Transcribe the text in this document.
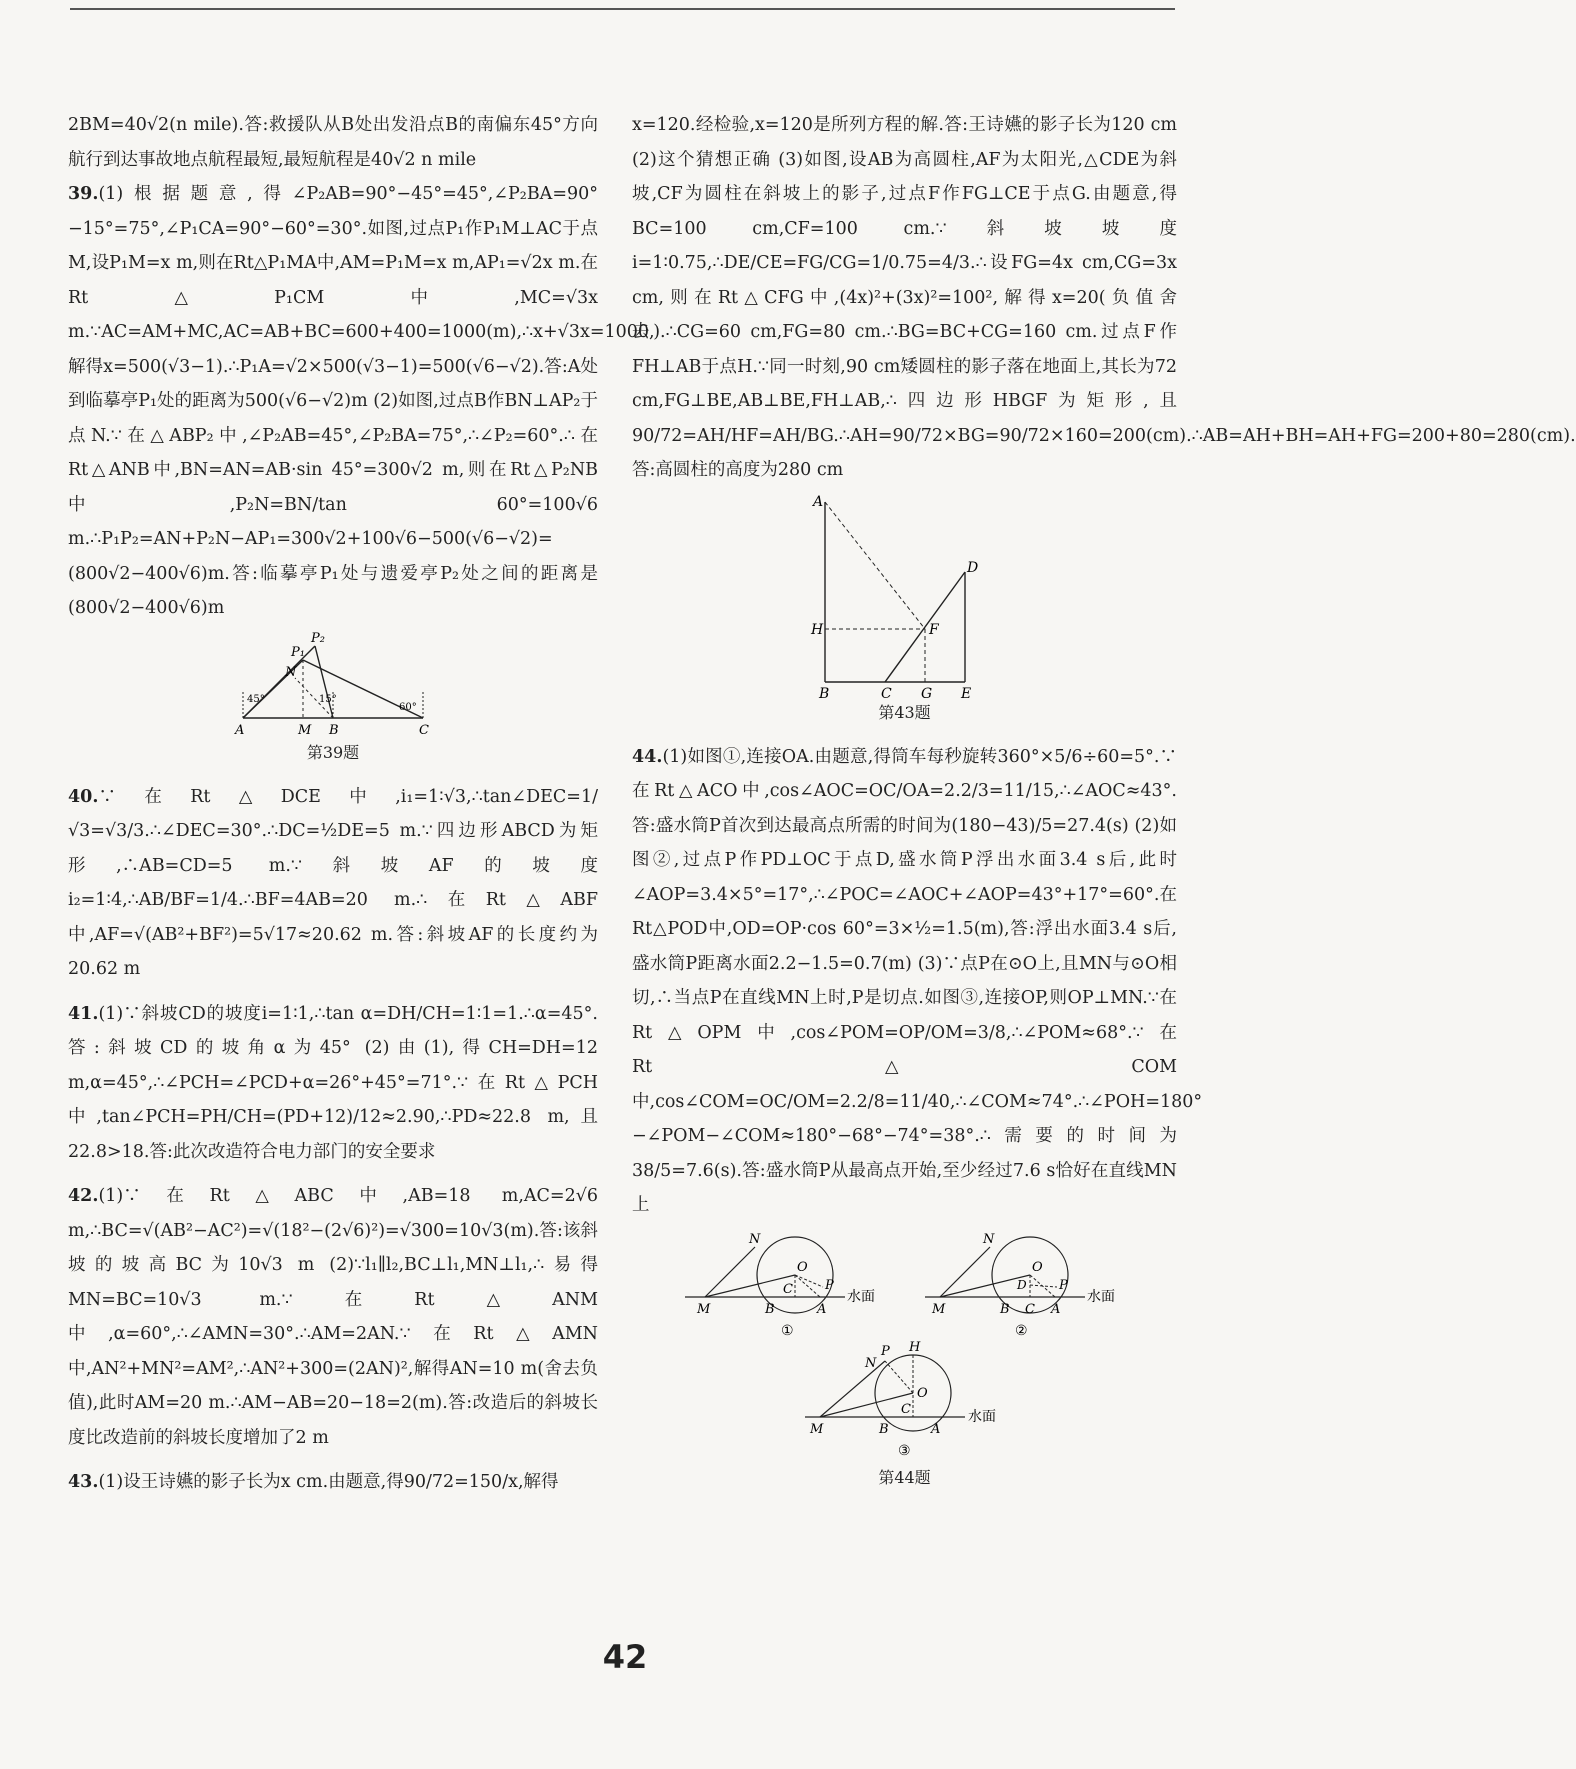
2BM=40√2(n mile).答:救援队从B处出发沿点B的南偏东45°方向航行到达事故地点航程最短,最短航程是40√2 n mile

39.(1)根据题意,得∠P₂AB=90°−45°=45°,∠P₂BA=90°−15°=75°,∠P₁CA=90°−60°=30°.如图,过点P₁作P₁M⊥AC于点M,设P₁M=x m,则在Rt△P₁MA中,AM=P₁M=x m,AP₁=√2x m.在Rt△P₁CM中,MC=√3x m.∵AC=AM+MC,AC=AB+BC=600+400=1000(m),∴x+√3x=1000,解得x=500(√3−1).∴P₁A=√2×500(√3−1)=500(√6−√2).答:A处到临摹亭P₁处的距离为500(√6−√2)m (2)如图,过点B作BN⊥AP₂于点N.∵在△ABP₂中,∠P₂AB=45°,∠P₂BA=75°,∴∠P₂=60°.∴在Rt△ANB中,BN=AN=AB·sin 45°=300√2 m,则在Rt△P₂NB中,P₂N=BN/tan 60°=100√6 m.∴P₁P₂=AN+P₂N−AP₁=300√2+100√6−500(√6−√2)=(800√2−400√6)m.答:临摹亭P₁处与遗爱亭P₂处之间的距离是(800√2−400√6)m

A	M B	C
N
P₁
P₂
45°	15°
60°
第39题

40.∵在Rt△DCE中,i₁=1∶√3,∴tan∠DEC=1/√3=√3/3.∴∠DEC=30°.∴DC=½DE=5 m.∵四边形ABCD为矩形,∴AB=CD=5 m.∵斜坡AF的坡度i₂=1∶4,∴AB/BF=1/4.∴BF=4AB=20 m.∴在Rt△ABF中,AF=√(AB²+BF²)=5√17≈20.62 m.答:斜坡AF的长度约为20.62 m

41.(1)∵斜坡CD的坡度i=1∶1,∴tan α=DH/CH=1∶1=1.∴α=45°.答:斜坡CD的坡角α为45° (2)由(1),得CH=DH=12 m,α=45°,∴∠PCH=∠PCD+α=26°+45°=71°.∵在Rt△PCH中,tan∠PCH=PH/CH=(PD+12)/12≈2.90,∴PD≈22.8 m,且22.8>18.答:此次改造符合电力部门的安全要求

42.(1)∵在Rt△ABC中,AB=18 m,AC=2√6 m,∴BC=√(AB²−AC²)=√(18²−(2√6)²)=√300=10√3(m).答:该斜坡的坡高BC为10√3 m (2)∵l₁∥l₂,BC⊥l₁,MN⊥l₁,∴易得MN=BC=10√3 m.∵在Rt△ANM中,α=60°,∴∠AMN=30°.∴AM=2AN.∵在Rt△AMN中,AN²+MN²=AM²,∴AN²+300=(2AN)²,解得AN=10 m(舍去负值),此时AM=20 m.∴AM−AB=20−18=2(m).答:改造后的斜坡长度比改造前的斜坡长度增加了2 m

43.(1)设王诗嬿的影子长为x cm.由题意,得90/72=150/x,解得

x=120.经检验,x=120是所列方程的解.答:王诗嬿的影子长为120 cm (2)这个猜想正确 (3)如图,设AB为高圆柱,AF为太阳光,△CDE为斜坡,CF为圆柱在斜坡上的影子,过点F作FG⊥CE于点G.由题意,得BC=100 cm,CF=100 cm.∵斜坡坡度i=1∶0.75,∴DE/CE=FG/CG=1/0.75=4/3.∴设FG=4x cm,CG=3x cm,则在Rt△CFG中,(4x)²+(3x)²=100²,解得x=20(负值舍去).∴CG=60 cm,FG=80 cm.∴BG=BC+CG=160 cm.过点F作FH⊥AB于点H.∵同一时刻,90 cm矮圆柱的影子落在地面上,其长为72 cm,FG⊥BE,AB⊥BE,FH⊥AB,∴四边形HBGF为矩形,且90/72=AH/HF=AH/BG.∴AH=90/72×BG=90/72×160=200(cm).∴AB=AH+BH=AH+FG=200+80=280(cm).答:高圆柱的高度为280 cm

A
H
B	C G E
D
F
第43题

44.(1)如图①,连接OA.由题意,得筒车每秒旋转360°×5/6÷60=5°.∵在Rt△ACO中,cos∠AOC=OC/OA=2.2/3=11/15,∴∠AOC≈43°.答:盛水筒P首次到达最高点所需的时间为(180−43)/5=27.4(s) (2)如图②,过点P作PD⊥OC于点D,盛水筒P浮出水面3.4 s后,此时∠AOP=3.4×5°=17°,∴∠POC=∠AOC+∠AOP=43°+17°=60°.在Rt△POD中,OD=OP·cos 60°=3×½=1.5(m),答:浮出水面3.4 s后,盛水筒P距离水面2.2−1.5=0.7(m) (3)∵点P在⊙O上,且MN与⊙O相切,∴当点P在直线MN上时,P是切点.如图③,连接OP,则OP⊥MN.∵在Rt△OPM中,cos∠POM=OP/OM=3/8,∴∠POM≈68°.∵在Rt△COM中,cos∠COM=OC/OM=2.2/8=11/40,∴∠COM≈74°.∴∠POH=180°−∠POM−∠COM≈180°−68°−74°=38°.∴需要的时间为38/5=7.6(s).答:盛水筒P从最高点开始,至少经过7.6 s恰好在直线MN上

水面
M
N
B
C
A
O
P
①
水面
M
N
B C A
O
D P
②
水面
M
N
P H
B
C
O
A
③
第44题
42
